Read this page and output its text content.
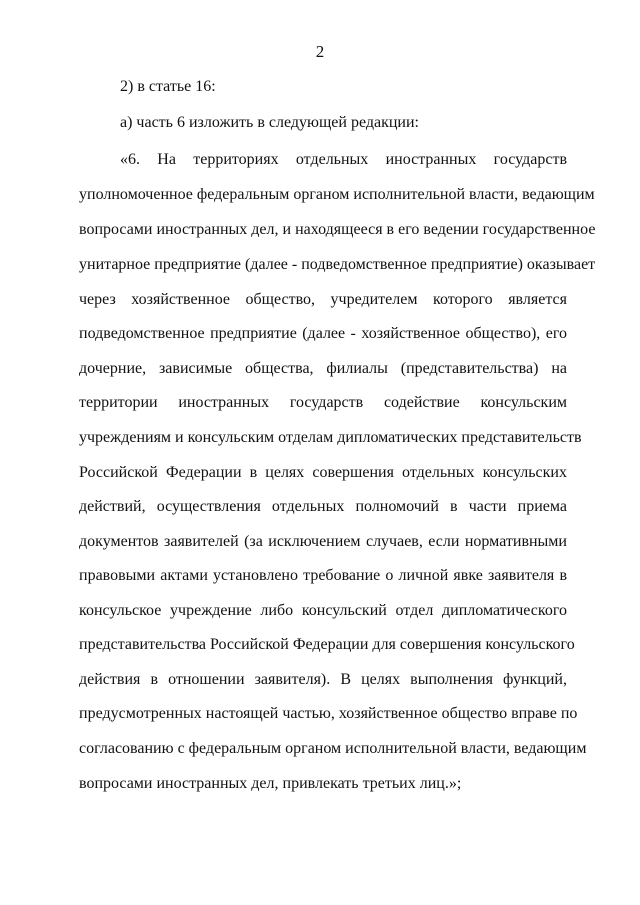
2
2) в статье 16:
а) часть 6 изложить в следующей редакции:
«6. На территориях отдельных иностранных государств
уполномоченное федеральным органом исполнительной власти, ведающим
вопросами иностранных дел, и находящееся в его ведении государственное
унитарное предприятие (далее - подведомственное предприятие) оказывает
через хозяйственное общество, учредителем которого является
подведомственное предприятие (далее - хозяйственное общество), его
дочерние, зависимые общества, филиалы (представительства) на
территории иностранных государств содействие консульским
учреждениям и консульским отделам дипломатических представительств
Российской Федерации в целях совершения отдельных консульских
действий, осуществления отдельных полномочий в части приема
документов заявителей (за исключением случаев, если нормативными
правовыми актами установлено требование о личной явке заявителя в
консульское учреждение либо консульский отдел дипломатического
представительства Российской Федерации для совершения консульского
действия в отношении заявителя). В целях выполнения функций,
предусмотренных настоящей частью, хозяйственное общество вправе по
согласованию с федеральным органом исполнительной власти, ведающим
вопросами иностранных дел, привлекать третьих лиц.»;
